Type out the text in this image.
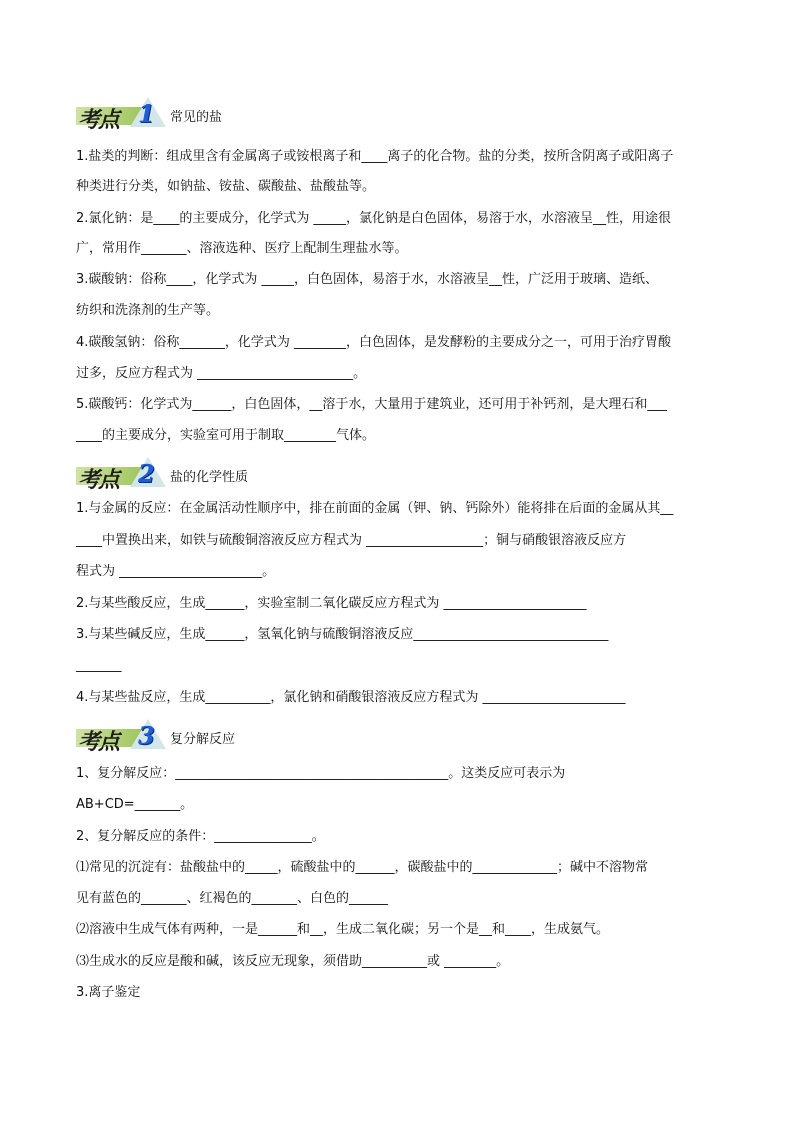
考点 1 常见的盐
1.盐类的判断：组成里含有金属离子或铵根离子和____离子的化合物。盐的分类，按所含阴离子或阳离子
种类进行分类，如钠盐、铵盐、碳酸盐、盐酸盐等。
2.氯化钠：是____的主要成分，化学式为 _____，氯化钠是白色固体，易溶于水，水溶液呈__性，用途很
广，常用作_______、溶液选种、医疗上配制生理盐水等。
3.碳酸钠：俗称____，化学式为 _____，白色固体，易溶于水，水溶液呈__性，广泛用于玻璃、造纸、
纺织和洗涤剂的生产等。
4.碳酸氢钠：俗称_______，化学式为 ________，白色固体，是发酵粉的主要成分之一，可用于治疗胃酸
过多，反应方程式为 ________________________。
5.碳酸钙：化学式为______，白色固体，__溶于水，大量用于建筑业，还可用于补钙剂，是大理石和___
____的主要成分，实验室可用于制取________气体。
考点 2 盐的化学性质
1.与金属的反应：在金属活动性顺序中，排在前面的金属（钾、钠、钙除外）能将排在后面的金属从其__
____中置换出来，如铁与硫酸铜溶液反应方程式为 __________________；铜与硝酸银溶液反应方
程式为 ______________________。
2.与某些酸反应，生成______，实验室制二氧化碳反应方程式为 ______________________
3.与某些碱反应，生成______，氢氧化钠与硫酸铜溶液反应______________________________
_______
4.与某些盐反应，生成__________，氯化钠和硝酸银溶液反应方程式为 ______________________
考点 3 复分解反应
1、复分解反应：__________________________________________。这类反应可表示为
AB+CD=_______。
2、复分解反应的条件：_______________。
⑴常见的沉淀有：盐酸盐中的_____，硫酸盐中的______，碳酸盐中的_____________；碱中不溶物常
见有蓝色的_______、红褐色的_______、白色的______
⑵溶液中生成气体有两种，一是______和__，生成二氧化碳；另一个是__和____，生成氨气。
⑶生成水的反应是酸和碱，该反应无现象，须借助__________或 ________。
3.离子鉴定
